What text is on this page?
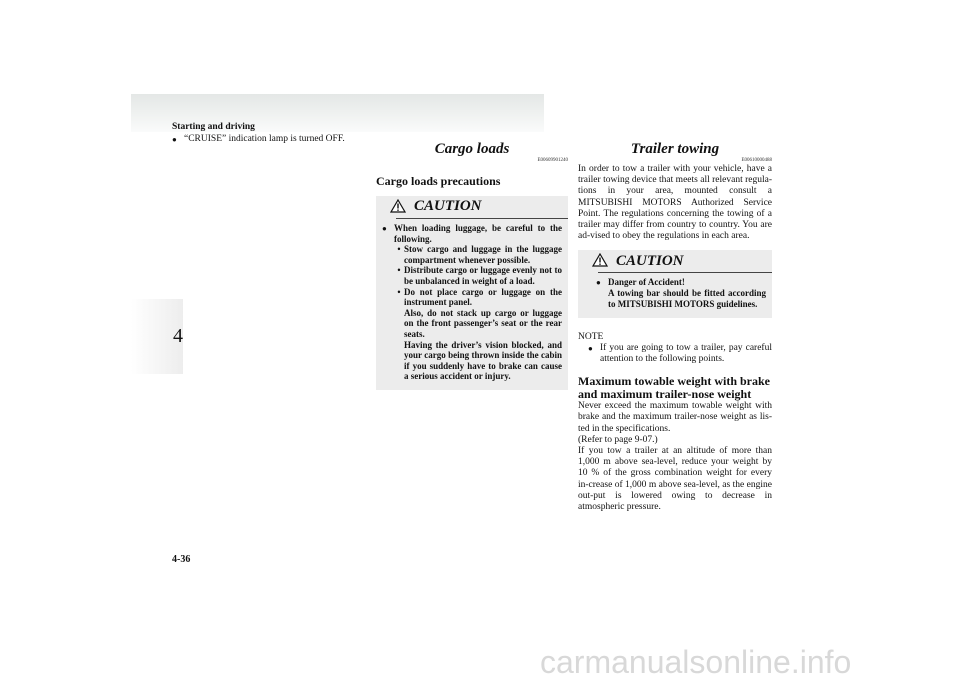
Starting and driving
4
● “CRUISE” indication lamp is turned OFF.
Cargo loads
E00609901240
Cargo loads precautions
CAUTION
● When loading luggage, be careful to the following.
• Stow cargo and luggage in the luggage compartment whenever possible.
• Distribute cargo or luggage evenly not to be unbalanced in weight of a load.
• Do not place cargo or luggage on the instrument panel.
Also, do not stack up cargo or luggage on the front passenger’s seat or the rear seats.
Having the driver’s vision blocked, and your cargo being thrown inside the cabin if you suddenly have to brake can cause a serious accident or injury.
Trailer towing
E00610000488
In order to tow a trailer with your vehicle, have a trailer towing device that meets all relevant regula-tions in your area, mounted consult a MITSUBISHI MOTORS Authorized Service Point. The regulations concerning the towing of a trailer may differ from country to country. You are ad-vised to obey the regulations in each area.
CAUTION
● Danger of Accident!
A towing bar should be fitted according to MITSUBISHI MOTORS guidelines.
NOTE
● If you are going to tow a trailer, pay careful attention to the following points.
Maximum towable weight with brake and maximum trailer-nose weight
Never exceed the maximum towable weight with brake and the maximum trailer-nose weight as lis-ted in the specifications.
(Refer to page 9-07.)
If you tow a trailer at an altitude of more than 1,000 m above sea-level, reduce your weight by 10 % of the gross combination weight for every in-crease of 1,000 m above sea-level, as the engine out-put is lowered owing to decrease in atmospheric pressure.
4-36
carmanualsonline.info
